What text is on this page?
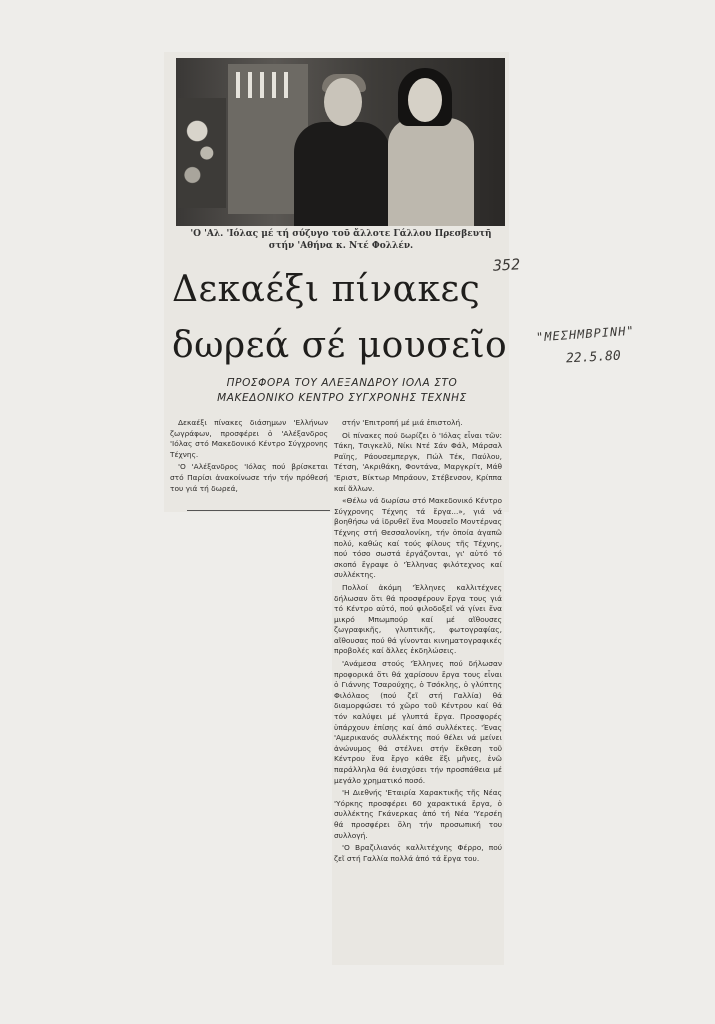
'Ο 'Αλ. 'Ιόλας μέ τή σύζυγο τοῦ ἄλλοτε Γάλλου Πρεσβευτῆ
στήν 'Αθήνα κ. Ντέ Φολλέν.
Δεκαέξι πίνακες
δωρεά σέ μουσεῖο
ΠΡΟΣΦΟΡΑ ΤΟΥ ΑΛΕΞΑΝΔΡΟΥ ΙΟΛΑ ΣΤΟ
ΜΑΚΕΔΟΝΙΚΟ ΚΕΝΤΡΟ ΣΥΓΧΡΟΝΗΣ ΤΕΧΝΗΣ

Δεκαέξι πίνακες διάσημων 'Ελλήνων ζωγράφων, προσφέρει ὁ 'Αλέξανδρος 'Ιόλας στό Μακεδονικό Κέντρο Σύγχρονης Τέχνης.

'Ο 'Αλέξανδρος 'Ιόλας πού βρίσκεται στό Παρίσι ἀνακοίνωσε τήν τήν πρόθεσή του γιά τή δωρεά,

στήν 'Επιτροπή μέ μιά ἐπιστολή.

Οἱ πίνακες πού δωρίζει ὁ 'Ιόλας εἶναι τῶν: Τάκη, Τσιγκελῦ, Νίκι Ντέ Σάν Φάλ, Μάρσαλ Ραϊης, Ράουσεμπεργκ, Πώλ Τέκ, Παύλου, Τέτση, 'Ακριθάκη, Φοντάνα, Μαργκρίτ, Μάθ 'Εριστ, Βίκτωρ Μπράουν, Στέβενσον, Κρίππα καί ἄλλων.

«Θέλω νά δωρίσω στό Μακεδονικό Κέντρο Σύγχρονης Τέχνης τά ἔργα...», γιά νά βοηθήσω νά ἱδρυθεῖ ἕνα Μουσεῖο Μοντέρνας Τέχνης στή Θεσσαλονίκη, τήν ὁποία ἀγαπῶ πολύ, καθώς καί τούς φίλους τῆς Τέχνης, πού τόσο σωστά ἐργάζονται, γι' αὐτό τό σκοπό ἔγραψε ὁ 'Έλληνας φιλότεχνος καί συλλέκτης.

Πολλοί ἀκόμη 'Έλληνες καλλιτέχνες δήλωσαν ὅτι θά προσφέρουν ἔργα τους γιά τό Κέντρο αὐτό, πού φιλοδοξεῖ νά γίνει ἕνα μικρό Μπωμπούρ καί μέ αἴθουσες ζωγραφικῆς, γλυπτικῆς, φωτογραφίας, αἴθουσας πού θά γίνονται κινηματογραφικές προβολές καί ἄλλες ἐκδηλώσεις.

'Ανάμεσα στούς 'Έλληνες πού δήλωσαν προφορικά ὅτι θά χαρίσουν ἔργα τους εἶναι ὁ Γιάννης Τσαρούχης, ὁ Τσόκλης, ὁ γλύπτης Φιλόλαος (πού ζεῖ στή Γαλλία) θά διαμορφώσει τό χῶρο τοῦ Κέντρου καί θά τόν καλύψει μέ γλυπτά ἔργα. Προσφορές ὑπάρχουν ἐπίσης καί ἀπό συλλέκτες. 'Ένας 'Αμερικανός συλλέκτης πού θέλει νά μείνει ἀνώνυμος θά στέλνει στήν ἔκθεση τοῦ Κέντρου ἕνα ἔργο κάθε ἕξι μῆνες, ἐνῶ παράλληλα θά ἐνισχύσει τήν προσπάθεια μέ μεγάλο χρηματικό ποσό.

'Η Διεθνής 'Εταιρία Χαρακτικῆς τῆς Νέας 'Υόρκης προσφέρει 60 χαρακτικά ἔργα, ὁ συλλέκτης Γκάνερκας ἀπό τή Νέα 'Υερσέη θά προσφέρει ὅλη τήν προσωπική του συλλογή.

'Ο Βραζιλιανός καλλιτέχνης Φέρρο, πού ζεῖ στή Γαλλία πολλά ἀπό τά ἔργα του.

352
"ΜΕΣΗΜΒΡΙΝΗ"
22.5.80
